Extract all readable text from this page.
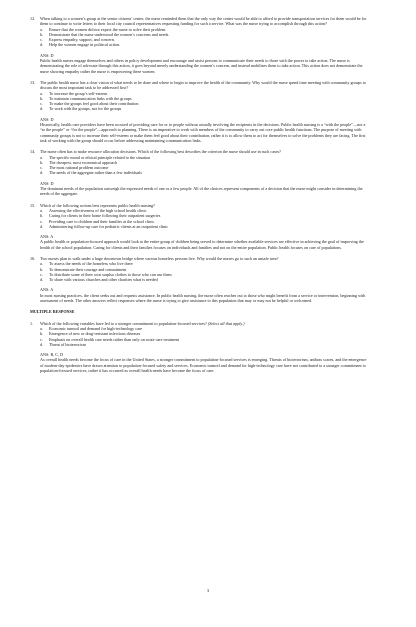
12. When talking to a women’s group at the senior citizens’ center, the nurse reminded them that the only way the center would be able to afford to provide transportation services for them would be for them to continue to write letters to their local city council representatives requesting funding for such a service. What was the nurse trying to accomplish through this action?

a. Ensure that the women did not expect the nurse to solve their problem.
b. Demonstrate that the nurse understood the women’s concerns and needs.
c. Express empathy, support, and concern.
d. Help the women engage in political action.
ANS: D

Public health nurses engage themselves and others in policy development and encourage and assist persons to communicate their needs to those with the power to take action. The nurse is demonstrating the role of advocate through this action, it goes beyond merely understanding the women’s concern, and instead mobilizes them to take action. This action does not demonstrate the nurse showing empathy rather the nurse is empowering these women.

13. The public health nurse has a clear vision of what needs to be done and where to begin to improve the health of the community. Why would the nurse spend time meeting with community groups to discuss the most important task to be addressed first?

a. To increase the group’s self-esteem
b. To maintain communication links with the groups
c. To make the groups feel good about their contribution
d. To work with the groups, not for the groups
ANS: D

Historically, health care providers have been accused of providing care for or to people without actually involving the recipients in the decisions. Public health nursing is a “with the people”—not a “to the people” or “for the people”—approach to planning. There is an imperative to work with members of the community to carry out core public health functions. The purpose of meeting with community groups is not to increase their self-esteem or make them feel good about their contribution, rather it is to allow them to act for themselves to solve the problems they are facing. The first task of working with the group should occur before addressing maintaining communication links.

14. The nurse often has to make resource allocation decisions. Which of the following best describes the criterion the nurse should use in such cases?

a. The specific moral or ethical principle related to the situation
b. The cheapest, most economical approach
c. The most rational problem outcome
d. The needs of the aggregate rather than a few individuals
ANS: D

The dominant needs of the population outweigh the expressed needs of one or a few people. All of the choices represent components of a decision that the nurse might consider in determining the needs of the aggregate.

15. Which of the following actions best represents public health nursing?

a. Assessing the effectiveness of the high school health clinic
b. Caring for clients in their home following their outpatient surgeries
c. Providing care to children and their families at the school clinic
d. Administering follow-up care for pediatric clients at an outpatient clinic
ANS: A

A public health or population-focused approach would look at the entire group of children being served to determine whether available services are effective in achieving the goal of improving the health of the school population. Caring for clients and their families focuses on individuals and families and not on the entire population. Public health focuses on care of populations.

16. Two nurses plan to walk under a huge downtown bridge where various homeless persons live. Why would the nurses go to such an unsafe area?

a. To assess the needs of the homeless who live there
b. To demonstrate their courage and commitment
c. To distribute some of their own surplus clothes to those who can use them
d. To share with various churches and other charities what is needed
ANS: A

In most nursing practices, the client seeks out and requests assistance. In public health nursing, the nurse often reaches out to those who might benefit from a service or intervention, beginning with assessment of needs. The other answers reflect responses where the nurse is trying to give assistance to this population that may or may not be helpful or welcomed.

MULTIPLE RESPONSE
1. Which of the following variables have led to a stronger commitment to population-focused services? (Select all that apply.)

a. Economic turmoil and demand for high-technology care
b. Emergence of new or drug-resistant infectious diseases
c. Emphasis on overall health care needs rather than only on acute care treatment
d. Threat of bioterrorism
ANS: B, C, D

As overall health needs become the focus of care in the United States, a stronger commitment to population-focused services is emerging. Threats of bioterrorism, anthrax scares, and the emergence of modern-day epidemics have drawn attention to population-focused safety and services. Economic turmoil and demand for high-technology care have not contributed to a stronger commitment to population-focused services, rather it has occurred as overall health needs have become the focus of care.

3
